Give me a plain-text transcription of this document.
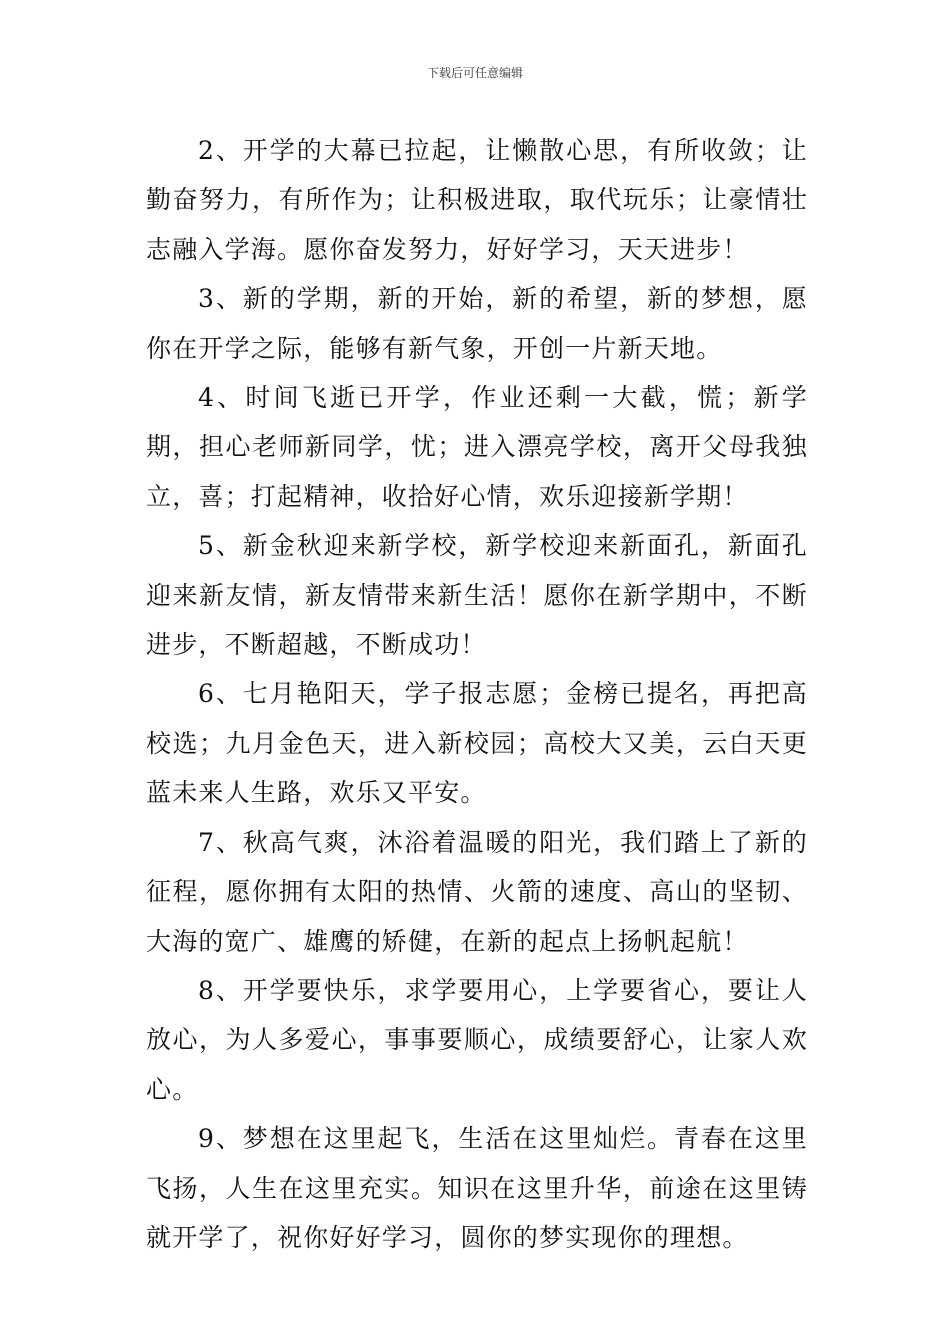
下载后可任意编辑

2、开学的大幕已拉起，让懒散心思，有所收敛；让勤奋努力，有所作为；让积极进取，取代玩乐；让豪情壮志融入学海。愿你奋发努力，好好学习，天天进步！

3、新的学期，新的开始，新的希望，新的梦想，愿你在开学之际，能够有新气象，开创一片新天地。

4、时间飞逝已开学，作业还剩一大截，慌；新学期，担心老师新同学，忧；进入漂亮学校，离开父母我独立，喜；打起精神，收拾好心情，欢乐迎接新学期！

5、新金秋迎来新学校，新学校迎来新面孔，新面孔迎来新友情，新友情带来新生活！愿你在新学期中，不断进步，不断超越，不断成功！

6、七月艳阳天，学子报志愿；金榜已提名，再把高校选；九月金色天，进入新校园；高校大又美，云白天更蓝未来人生路，欢乐又平安。

7、秋高气爽，沐浴着温暖的阳光，我们踏上了新的征程，愿你拥有太阳的热情、火箭的速度、高山的坚韧、大海的宽广、雄鹰的矫健，在新的起点上扬帆起航！

8、开学要快乐，求学要用心，上学要省心，要让人放心，为人多爱心，事事要顺心，成绩要舒心，让家人欢心。

9、梦想在这里起飞，生活在这里灿烂。青春在这里飞扬，人生在这里充实。知识在这里升华，前途在这里铸就开学了，祝你好好学习，圆你的梦实现你的理想。
